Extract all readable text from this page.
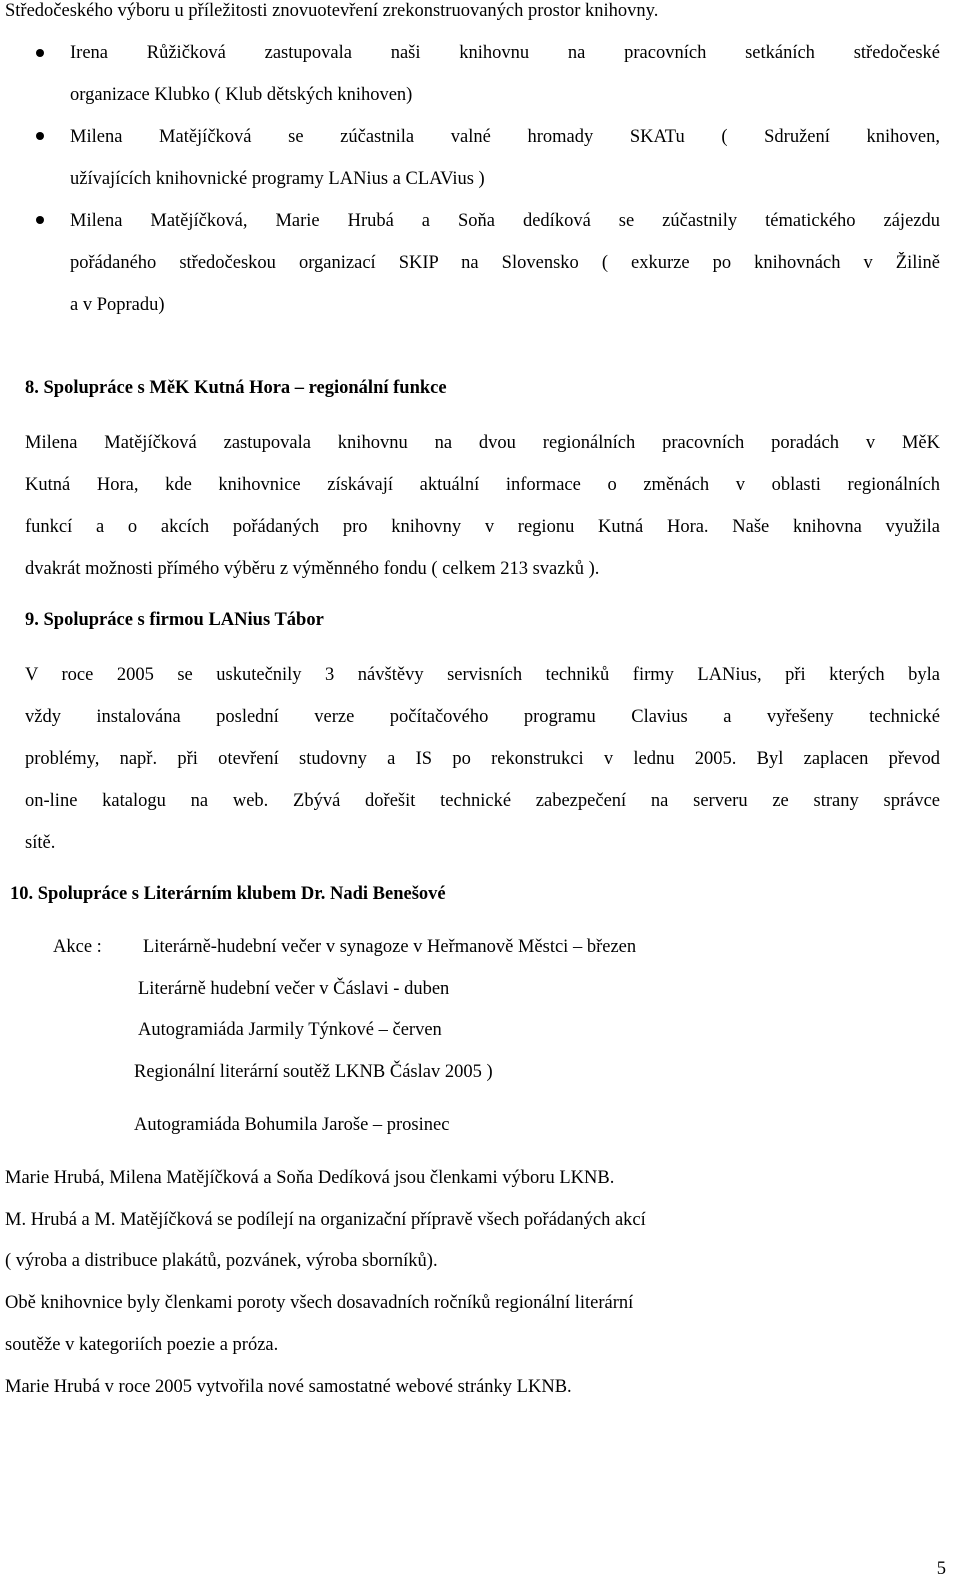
Středočeského výboru u příležitosti znovuotevření zrekonstruovaných prostor knihovny.
Irena Růžičková zastupovala naši knihovnu na pracovních setkáních středočeské
organizace Klubko ( Klub dětských knihoven)
Milena Matějíčková se zúčastnila valné hromady SKATu ( Sdružení knihoven,
užívajících knihovnické programy LANius a CLAVius )
Milena Matějíčková, Marie Hrubá a Soňa dedíková se zúčastnily tématického zájezdu
pořádaného středočeskou organizací SKIP na Slovensko ( exkurze po knihovnách v Žilině
a v Popradu)
8. Spolupráce s MěK Kutná Hora – regionální funkce
Milena Matějíčková zastupovala knihovnu na dvou regionálních pracovních poradách v MěK
Kutná Hora, kde knihovnice získávají aktuální informace o změnách v oblasti regionálních
funkcí a o akcích pořádaných pro knihovny v regionu Kutná Hora. Naše knihovna využila
dvakrát možnosti přímého výběru z výměnného fondu ( celkem 213 svazků ).
9. Spolupráce s firmou LANius Tábor
V roce 2005 se uskutečnily 3 návštěvy servisních techniků firmy LANius, při kterých byla
vždy instalována poslední verze počítačového programu Clavius a vyřešeny technické
problémy, např. při otevření studovny a IS po rekonstrukci v lednu 2005. Byl zaplacen převod
on-line katalogu na web. Zbývá dořešit technické zabezpečení na serveru ze strany správce
sítě.
10. Spolupráce s Literárním klubem Dr. Nadi Benešové
Akce : Literárně-hudební večer v synagoze v Heřmanově Městci – březen
Literárně hudební večer v Čáslavi - duben
Autogramiáda Jarmily Týnkové – červen
Regionální literární soutěž LKNB Čáslav 2005 )
Autogramiáda Bohumila Jaroše – prosinec
Marie Hrubá, Milena Matějíčková a Soňa Dedíková jsou členkami výboru LKNB.
M. Hrubá a M. Matějíčková se podílejí na organizační přípravě všech pořádaných akcí
( výroba a distribuce plakátů, pozvánek, výroba sborníků).
Obě knihovnice byly členkami poroty všech dosavadních ročníků regionální literární
soutěže v kategoriích poezie a próza.
Marie Hrubá v roce 2005 vytvořila nové samostatné webové stránky LKNB.
5
